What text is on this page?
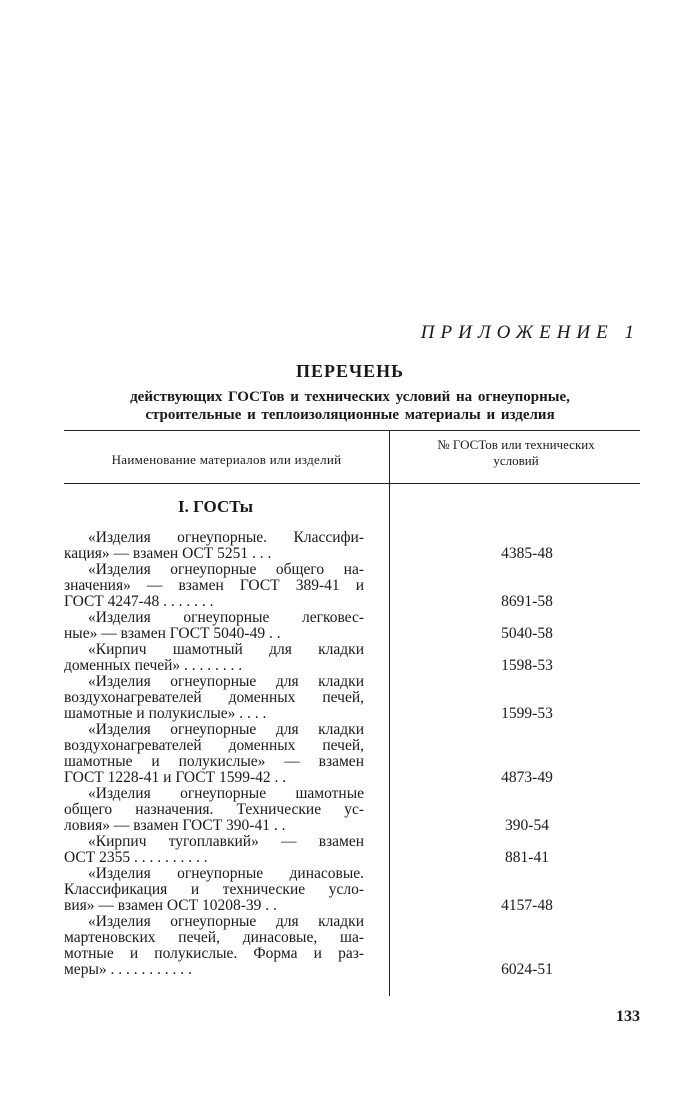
ПРИЛОЖЕНИЕ 1
ПЕРЕЧЕНЬ
действующих ГОСТов и технических условий на огнеупорные,
строительные и теплоизоляционные материалы и изделия
Наименование материалов или изделий
№ ГОСТов или технических
условий
I. ГОСТы
«Изделия огнеупорные. Классифи-
кация» — взамен ОСТ 5251 . . .	4385-48
«Изделия огнеупорные общего на-
значения» — взамен ГОСТ 389-41 и
ГОСТ 4247-48 . . . . . . .	8691-58
«Изделия огнеупорные легковес-
ные» — взамен ГОСТ 5040-49 . .	5040-58
«Кирпич шамотный для кладки
доменных печей» . . . . . . . .	1598-53
«Изделия огнеупорные для кладки
воздухонагревателей доменных печей,
шамотные и полукислые» . . . .	1599-53
«Изделия огнеупорные для кладки
воздухонагревателей доменных печей,
шамотные и полукислые» — взамен
ГОСТ 1228-41 и ГОСТ 1599-42 . .	4873-49
«Изделия огнеупорные шамотные
общего назначения. Технические ус-
ловия» — взамен ГОСТ 390-41 . .	390-54
«Кирпич тугоплавкий» — взамен
ОСТ 2355 . . . . . . . . . .	881-41
«Изделия огнеупорные динасовые.
Классификация и технические усло-
вия» — взамен ОСТ 10208-39 . .	4157-48
«Изделия огнеупорные для кладки
мартеновских печей, динасовые, ша-
мотные и полукислые. Форма и раз-
меры» . . . . . . . . . . .	6024-51
133
